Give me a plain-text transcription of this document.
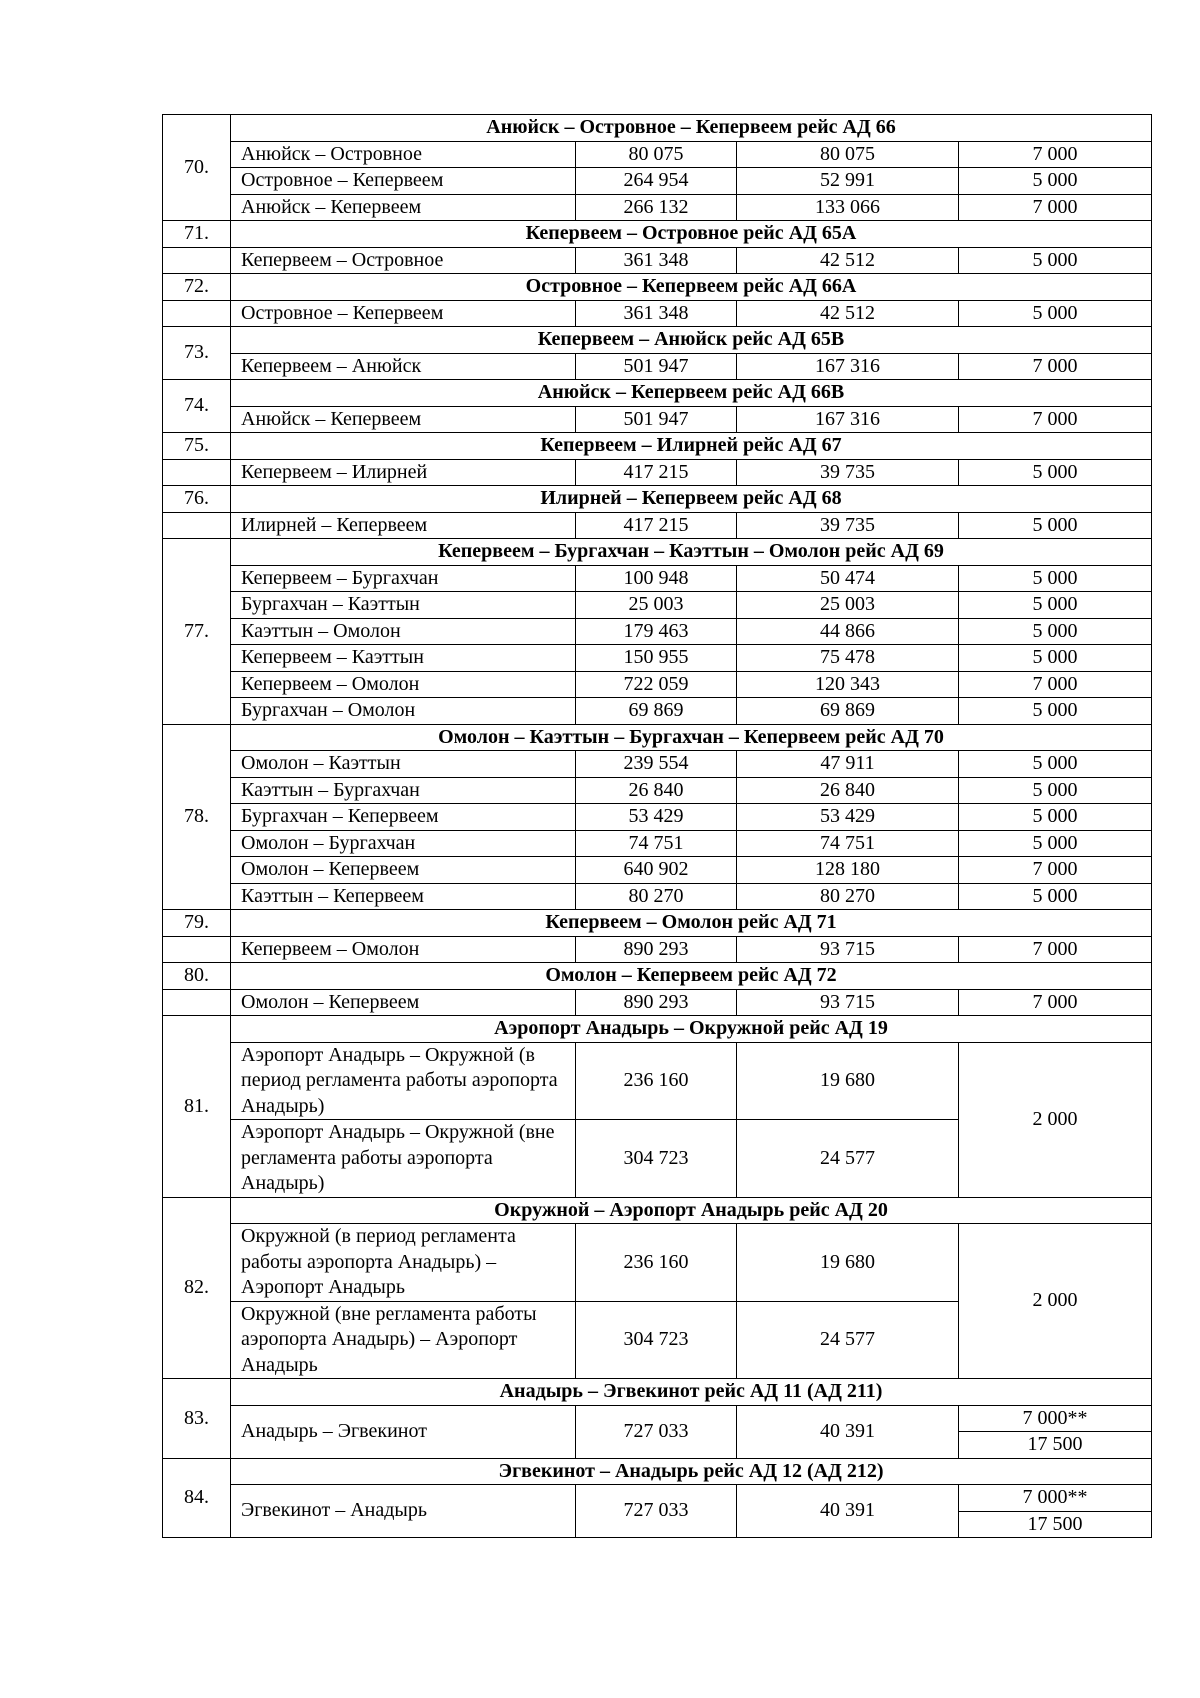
70.	Анюйск – Островное – Кепервеем рейс АД 66			
	Анюйск – Островное	80 075	80 075	7 000
	Островное – Кепервеем	264 954	52 991	5 000
	Анюйск – Кепервеем	266 132	133 066	7 000
71.	Кепервеем – Островное рейс АД 65А			
	Кепервеем – Островное	361 348	42 512	5 000
72.	Островное – Кепервеем рейс АД 66А			
	Островное – Кепервеем	361 348	42 512	5 000
73.	Кепервеем – Анюйск рейс АД 65В			
	Кепервеем – Анюйск	501 947	167 316	7 000
74.	Анюйск – Кепервеем рейс АД 66В			
	Анюйск – Кепервеем	501 947	167 316	7 000
75.	Кепервеем – Илирней рейс АД 67			
	Кепервеем – Илирней	417 215	39 735	5 000
76.	Илирней – Кепервеем рейс АД 68			
	Илирней – Кепервеем	417 215	39 735	5 000
77.	Кепервеем – Бургахчан – Каэттын – Омолон рейс АД 69			
	Кепервеем – Бургахчан	100 948	50 474	5 000
	Бургахчан – Каэттын	25 003	25 003	5 000
	Каэттын – Омолон	179 463	44 866	5 000
	Кепервеем – Каэттын	150 955	75 478	5 000
	Кепервеем – Омолон	722 059	120 343	7 000
	Бургахчан – Омолон	69 869	69 869	5 000
78.	Омолон – Каэттын – Бургахчан – Кепервеем рейс АД 70			
	Омолон – Каэттын	239 554	47 911	5 000
	Каэттын – Бургахчан	26 840	26 840	5 000
	Бургахчан – Кепервеем	53 429	53 429	5 000
	Омолон – Бургахчан	74 751	74 751	5 000
	Омолон – Кепервеем	640 902	128 180	7 000
	Каэттын – Кепервеем	80 270	80 270	5 000
79.	Кепервеем – Омолон рейс АД 71			
	Кепервеем – Омолон	890 293	93 715	7 000
80.	Омолон – Кепервеем рейс АД 72			
	Омолон – Кепервеем	890 293	93 715	7 000
81.	Аэропорт Анадырь – Окружной рейс АД 19			
	Аэропорт Анадырь – Окружной (в период регламента работы аэропорта Анадырь)	236 160	19 680	2 000
	Аэропорт Анадырь – Окружной (вне регламента работы аэропорта Анадырь)	304 723	24 577	
82.	Окружной – Аэропорт Анадырь рейс АД 20			
	Окружной (в период регламента работы аэропорта Анадырь) – Аэропорт Анадырь	236 160	19 680	2 000
	Окружной (вне регламента работы аэропорта Анадырь) – Аэропорт Анадырь	304 723	24 577	
83.	Анадырь – Эгвекинот рейс АД 11 (АД 211)			
	Анадырь – Эгвекинот	727 033	40 391	7 000**
				17 500
84.	Эгвекинот – Анадырь рейс АД 12 (АД 212)			
	Эгвекинот – Анадырь	727 033	40 391	7 000**
				17 500
